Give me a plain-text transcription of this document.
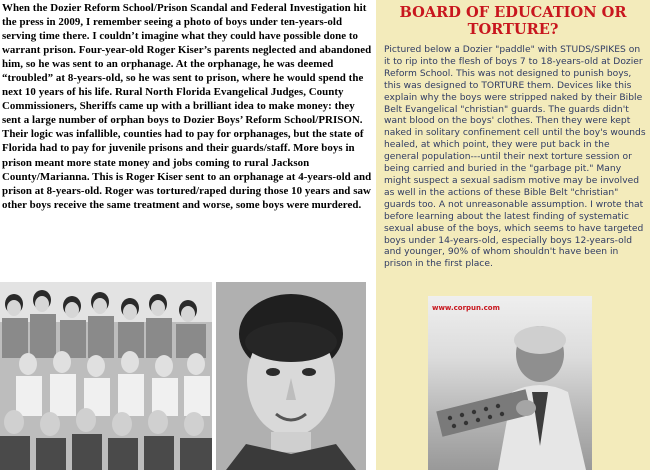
When the Dozier Reform School/Prison Scandal and Federal Investigation hit the press in 2009, I remember seeing a photo of boys under ten-years-old serving time there. I couldn’t imagine what they could have possible done to warrant prison. Four-year-old Roger Kiser’s parents neglected and abandoned him, so he was sent to an orphanage. At the orphanage, he was deemed “troubled” at 8-years-old, so he was sent to prison, where he would spend the next 10 years of his life. Rural North Florida Evangelical Judges, County Commissioners, Sheriffs came up with a brilliant idea to make money: they sent a large number of orphan boys to Dozier Boys’ Reform School/PRISON. Their logic was infallible, counties had to pay for orphanages, but the state of Florida had to pay for juvenile prisons and their guards/staff. More boys in prison meant more state money and jobs coming to rural Jackson County/Marianna. This is Roger Kiser sent to an orphanage at 4-years-old and prison at 8-years-old. Roger was tortured/raped during those 10 years and saw other boys receive the same treatment and worse, some boys were murdered.

BOARD OF EDUCATION OR TORTURE?
Pictured below a Dozier "paddle" with STUDS/SPIKES on it to rip into the flesh of boys 7 to 18-years-old at Dozier Reform School. This was not designed to punish boys, this was designed to TORTURE them. Devices like this explain why the boys were stripped naked by their Bible Belt Evangelical "christian" guards. The guards didn't want blood on the boys' clothes. Then they were kept naked in solitary confinement cell until the boy's wounds healed, at which point, they were put back in the general population---until their next torture session or being carried and buried in the "garbage pit." Many might suspect a sexual sadism motive may be involved as well in the actions of these Bible Belt "christian" guards too. A not unreasonable assumption. I wrote that before learning about the latest finding of systematic sexual abuse of the boys, which seems to have targeted boys under 14-years-old, especially boys 12-years-old and younger, 90% of whom shouldn't have been in prison in the first place.
www.corpun.com
